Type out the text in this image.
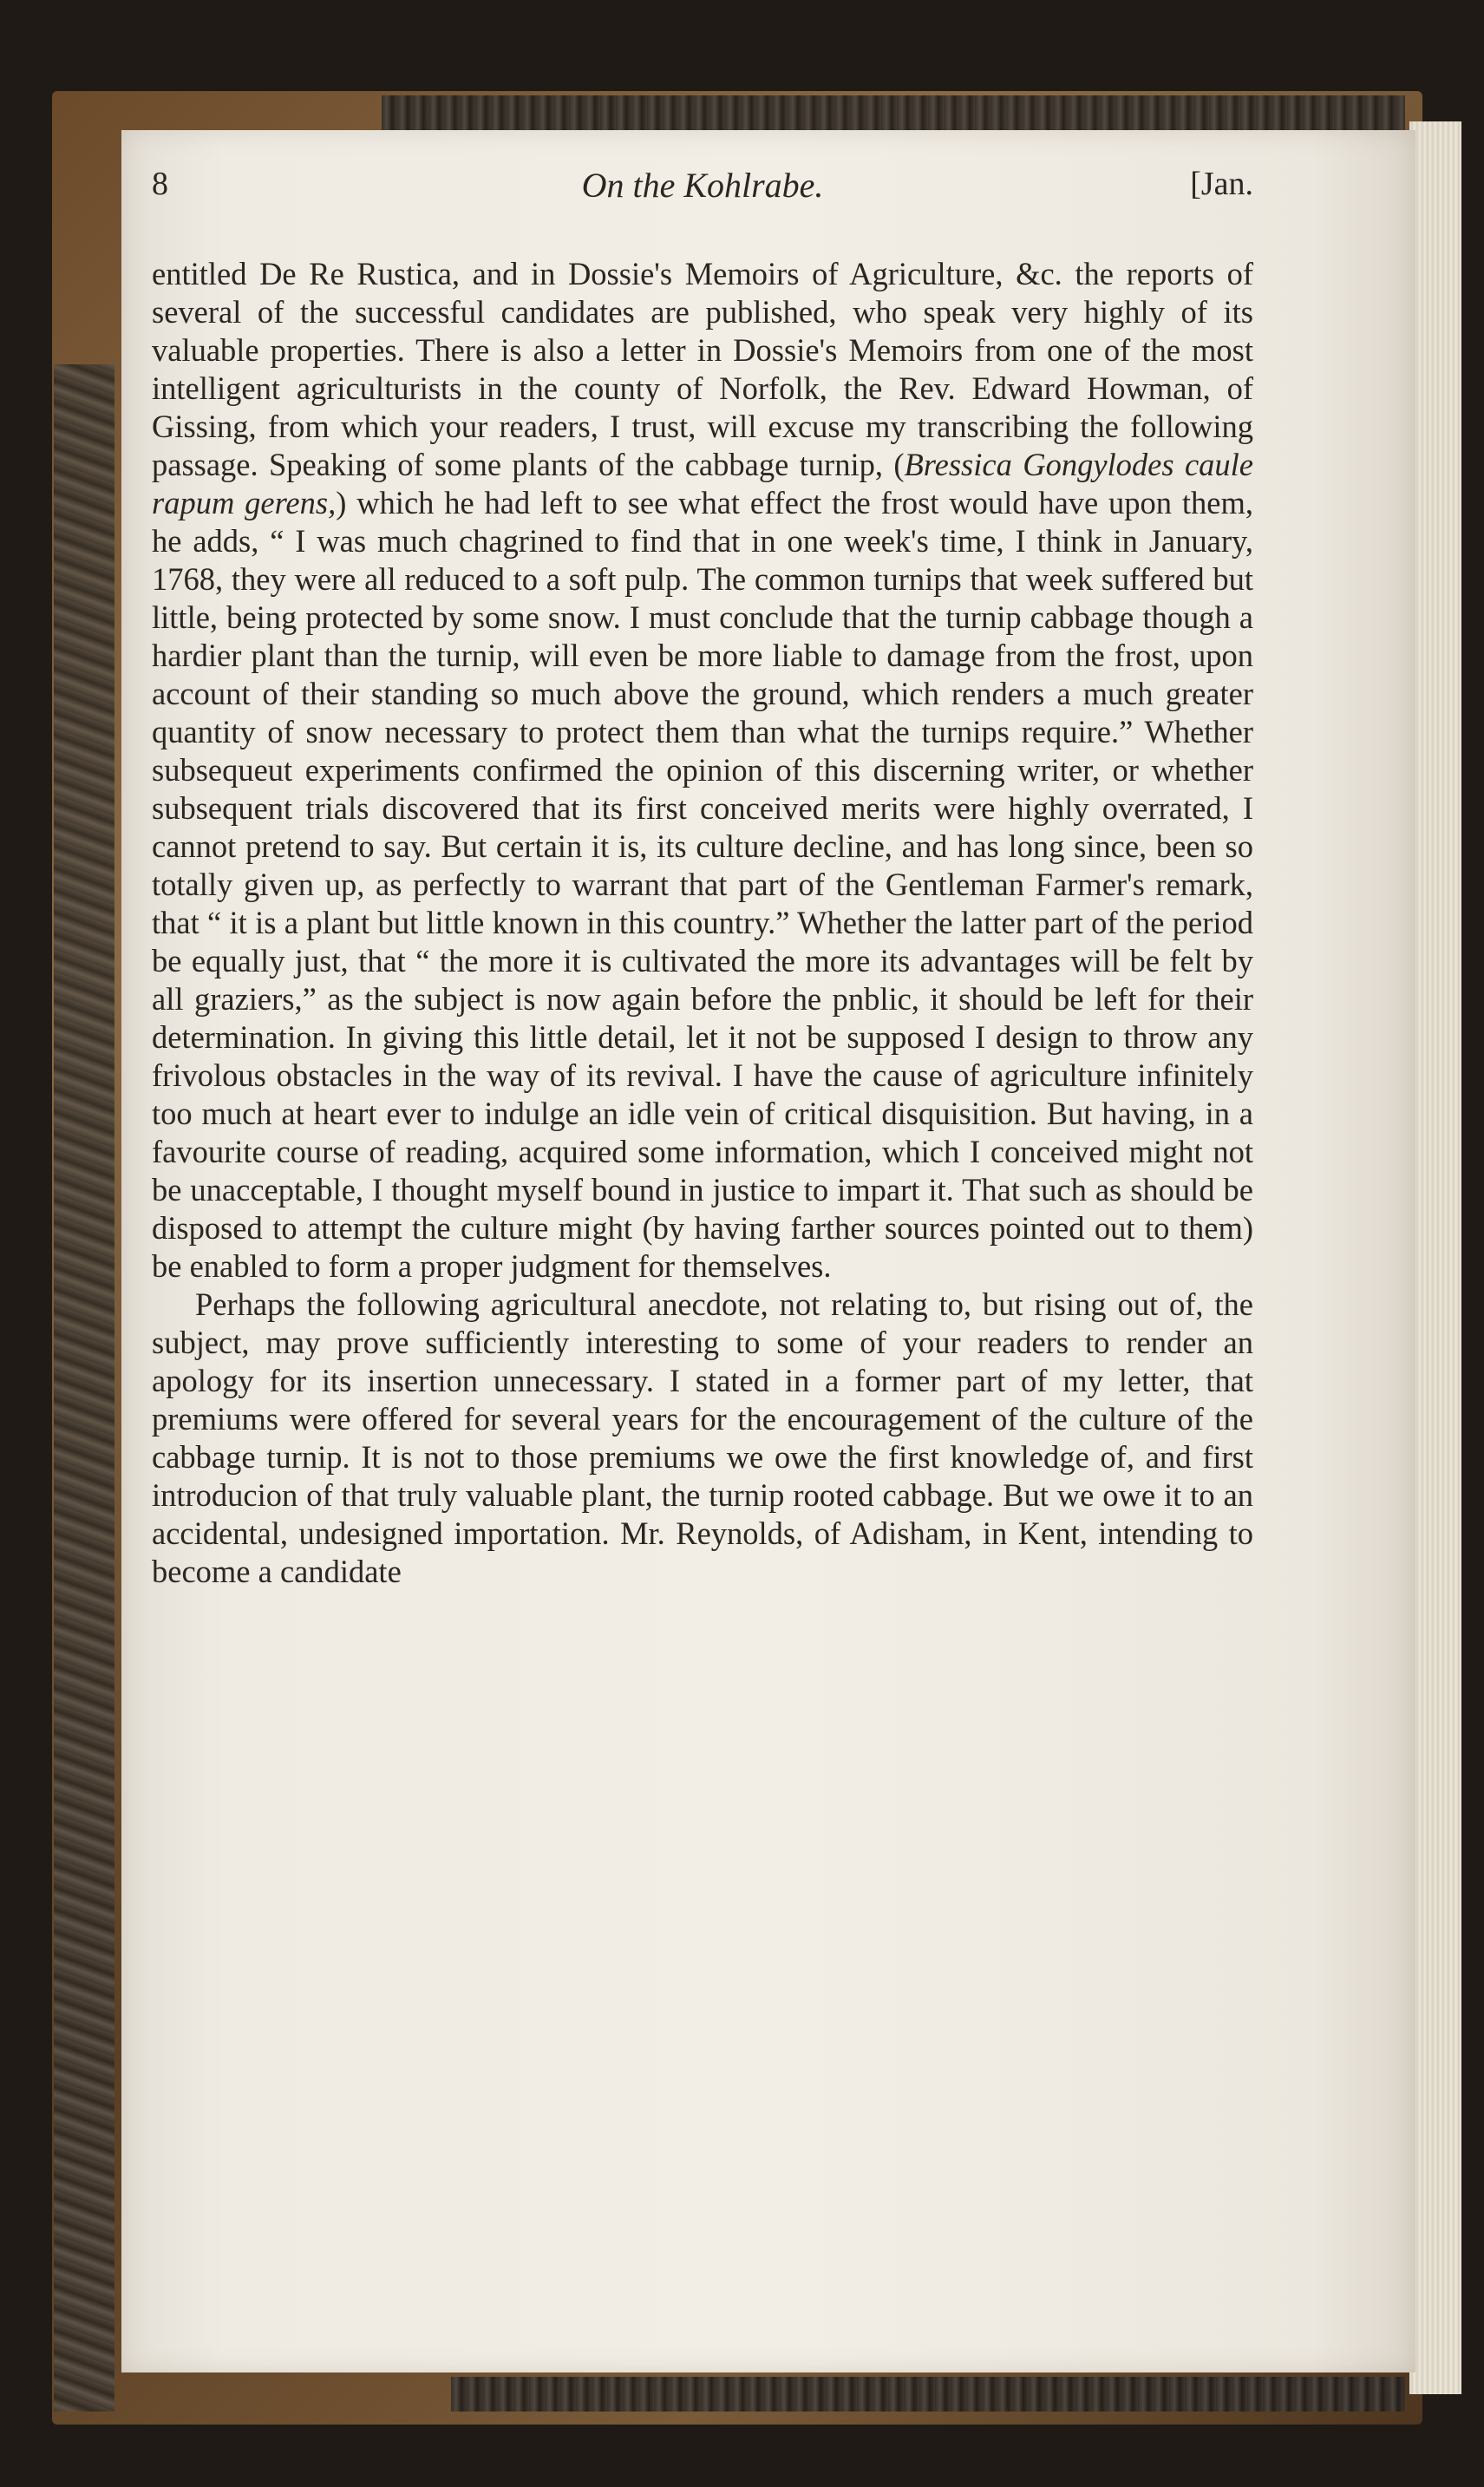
8	On the Kohlrabe.	[Jan.

entitled De Re Rustica, and in Dossie's Memoirs of Agriculture, &c. the reports of several of the successful candidates are published, who speak very highly of its valuable properties. There is also a letter in Dossie's Memoirs from one of the most intelligent agriculturists in the county of Norfolk, the Rev. Edward Howman, of Gissing, from which your readers, I trust, will excuse my transcribing the following passage. Speaking of some plants of the cabbage turnip, (Bressica Gongylodes caule rapum gerens,) which he had left to see what effect the frost would have upon them, he adds, “ I was much chagrined to find that in one week's time, I think in January, 1768, they were all reduced to a soft pulp. The common turnips that week suffered but little, being protected by some snow. I must conclude that the turnip cabbage though a hardier plant than the turnip, will even be more liable to damage from the frost, upon account of their standing so much above the ground, which renders a much greater quantity of snow necessary to protect them than what the turnips require.” Whether subsequeut experiments confirmed the opinion of this discerning writer, or whether subsequent trials discovered that its first conceived merits were highly overrated, I cannot pretend to say. But certain it is, its culture decline, and has long since, been so totally given up, as perfectly to warrant that part of the Gentleman Farmer's remark, that “ it is a plant but little known in this country.” Whether the latter part of the period be equally just, that “ the more it is cultivated the more its advantages will be felt by all graziers,” as the subject is now again before the pnblic, it should be left for their determination. In giving this little detail, let it not be supposed I design to throw any frivolous obstacles in the way of its revival. I have the cause of agriculture infinitely too much at heart ever to indulge an idle vein of critical disquisition. But having, in a favourite course of reading, acquired some information, which I conceived might not be unacceptable, I thought myself bound in justice to impart it. That such as should be disposed to attempt the culture might (by having farther sources pointed out to them) be enabled to form a proper judgment for themselves.

Perhaps the following agricultural anecdote, not relating to, but rising out of, the subject, may prove sufficiently interesting to some of your readers to render an apology for its insertion unnecessary. I stated in a former part of my letter, that premiums were offered for several years for the encouragement of the culture of the cabbage turnip. It is not to those premiums we owe the first knowledge of, and first introducion of that truly valuable plant, the turnip rooted cabbage. But we owe it to an accidental, undesigned importation. Mr. Reynolds, of Adisham, in Kent, intending to become a candidate
